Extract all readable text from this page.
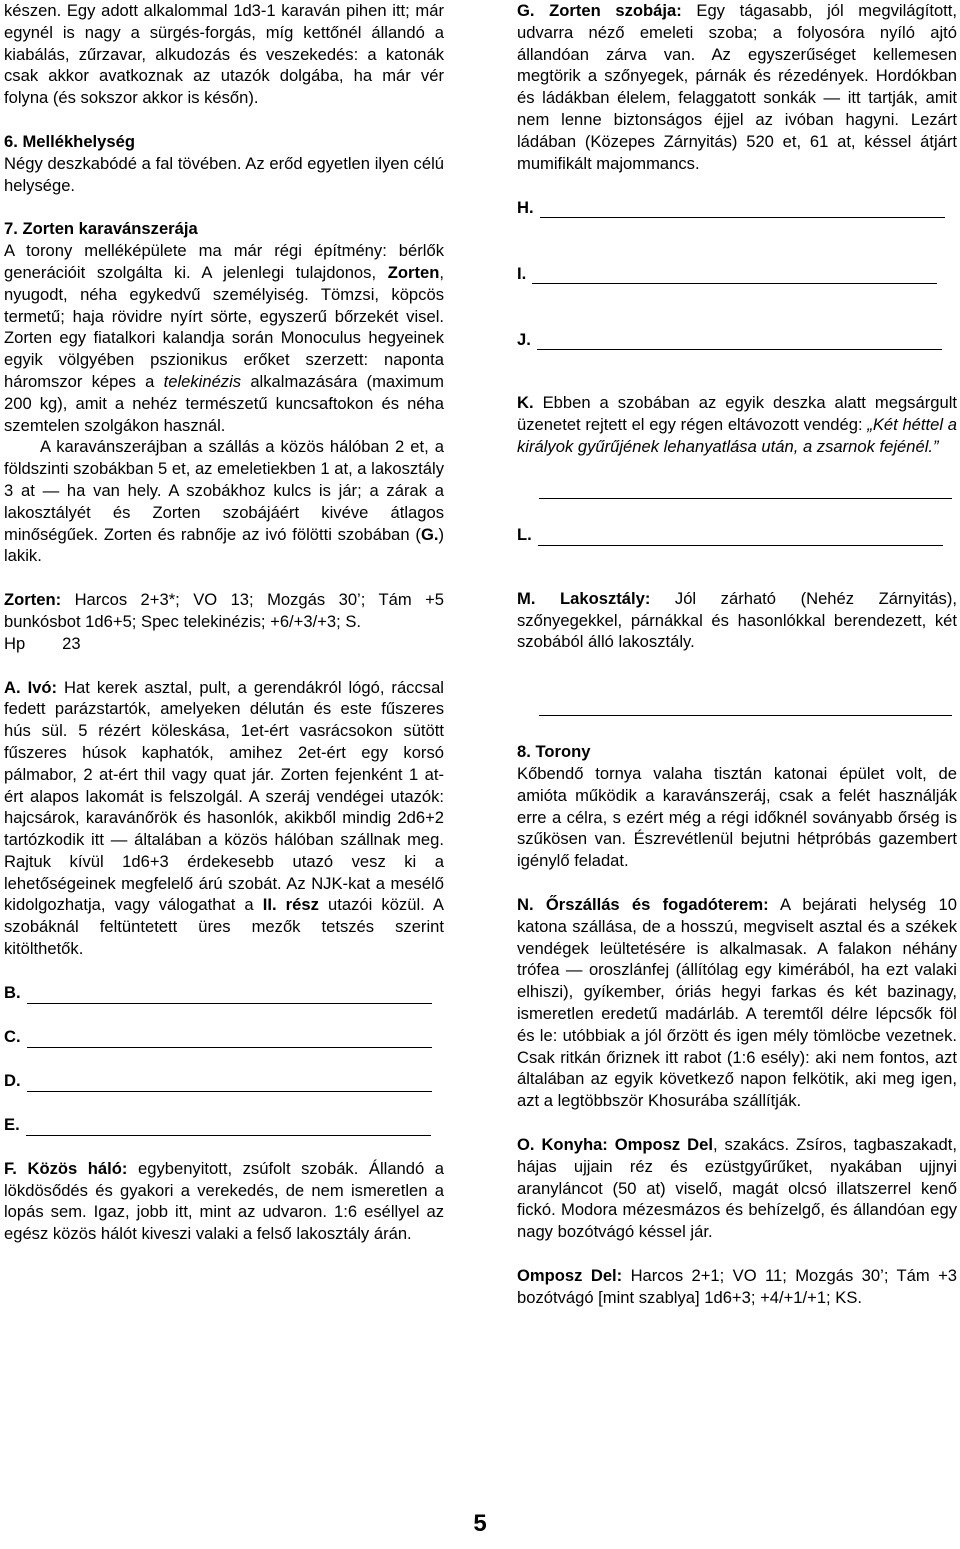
készen. Egy adott alkalommal 1d3-1 karaván pihen itt; már egynél is nagy a sürgés-forgás, míg kettőnél állandó a kiabálás, zűrzavar, alkudozás és veszekedés: a katonák csak akkor avatkoznak az utazók dolgába, ha már vér folyna (és sokszor akkor is későn).

6. Mellékhelység

Négy deszkabódé a fal tövében. Az erőd egyetlen ilyen célú helysége.

7. Zorten karavánszerája

A torony melléképülete ma már régi építmény: bérlők generációit szolgálta ki. A jelenlegi tulajdonos, Zorten, nyugodt, néha egykedvű személyiség. Tömzsi, köpcös termetű; haja rövidre nyírt sörte, egyszerű bőrzekét visel. Zorten egy fiatalkori kalandja során Monoculus hegyeinek egyik völgyében pszionikus erőket szerzett: naponta háromszor képes a telekinézis alkalmazására (maximum 200 kg), amit a nehéz természetű kuncsaftokon és néha szemtelen szolgákon használ.

A karavánszerájban a szállás a közös hálóban 2 et, a földszinti szobákban 5 et, az emeletiekben 1 at, a lakosztály 3 at — ha van hely. A szobákhoz kulcs is jár; a zárak a lakosztályét és Zorten szobájáért kivéve átlagos minőségűek. Zorten és rabnője az ivó fölötti szobában (G.) lakik.

Zorten: Harcos 2+3*; VO 13; Mozgás 30’; Tám +5 bunkósbot 1d6+5; Spec telekinézis; +6/+3/+3; S.

Hp        23

A. Ivó: Hat kerek asztal, pult, a gerendákról lógó, ráccsal fedett parázstartók, amelyeken délután és este fűszeres hús sül. 5 rézért köleskása, 1et-ért vasrácsokon sütött fűszeres húsok kaphatók, amihez 2et-ért egy korsó pálmabor, 2 at-ért thil vagy quat jár. Zorten fejenként 1 at-ért alapos lakomát is felszolgál. A szeráj vendégei utazók: hajcsárok, karavánőrök és hasonlók, akikből mindig 2d6+2 tartózkodik itt — általában a közös hálóban szállnak meg. Rajtuk kívül 1d6+3 érdekesebb utazó vesz ki a lehetőségeinek megfelelő árú szobát. Az NJK-kat a mesélő kidolgozhatja, vagy válogathat a II. rész utazói közül. A szobáknál feltüntetett üres mezők tetszés szerint kitölthetők.

B.
C.
D.
E.

F. Közös háló: egybenyitott, zsúfolt szobák. Állandó a lökdösődés és gyakori a verekedés, de nem ismeretlen a lopás sem. Igaz, jobb itt, mint az udvaron. 1:6 eséllyel az egész közös hálót kiveszi valaki a felső lakosztály árán.

G. Zorten szobája: Egy tágasabb, jól megvilágított, udvarra néző emeleti szoba; a folyosóra nyíló ajtó állandóan zárva van. Az egyszerűséget kellemesen megtörik a szőnyegek, párnák és rézedények. Hordókban és ládákban élelem, felaggatott sonkák — itt tartják, amit nem lenne biztonságos éjjel az ivóban hagyni. Lezárt ládában (Közepes Zárnyitás) 520 et, 61 at, késsel átjárt mumifikált majommancs.

H.
I.
J.

K. Ebben a szobában az egyik deszka alatt megsárgult üzenetet rejtett el egy régen eltávozott vendég: „Két héttel a királyok gyűrűjének lehanyatlása után, a zsarnok fejénél.”

L.

M. Lakosztály: Jól zárható (Nehéz Zárnyitás), szőnyegekkel, párnákkal és hasonlókkal berendezett, két szobából álló lakosztály.

8. Torony

Kőbendő tornya valaha tisztán katonai épület volt, de amióta működik a karavánszeráj, csak a felét használják erre a célra, s ezért még a régi időknél soványabb őrség is szűkösen van. Észrevétlenül bejutni hétpróbás gazembert igénylő feladat.

N. Őrszállás és fogadóterem: A bejárati helység 10 katona szállása, de a hosszú, megviselt asztal és a székek vendégek leültetésére is alkalmasak. A falakon néhány trófea — oroszlánfej (állítólag egy kimérából, ha ezt valaki elhiszi), gyíkember, óriás hegyi farkas és két bazinagy, ismeretlen eredetű madárláb. A teremtől délre lépcsők föl és le: utóbbiak a jól őrzött és igen mély tömlöcbe vezetnek. Csak ritkán őriznek itt rabot (1:6 esély): aki nem fontos, azt általában az egyik következő napon felkötik, aki meg igen, azt a legtöbbször Khosurába szállítják.

O. Konyha: Omposz Del, szakács. Zsíros, tagbaszakadt, hájas ujjain réz és ezüstgyűrűket, nyakában ujjnyi aranyláncot (50 at) viselő, magát olcsó illatszerrel kenő fickó. Modora mézesmázos és behízelgő, és állandóan egy nagy bozótvágó késsel jár.

Omposz Del: Harcos 2+1; VO 11; Mozgás 30’; Tám +3 bozótvágó [mint szablya] 1d6+3; +4/+1/+1; KS.

5
